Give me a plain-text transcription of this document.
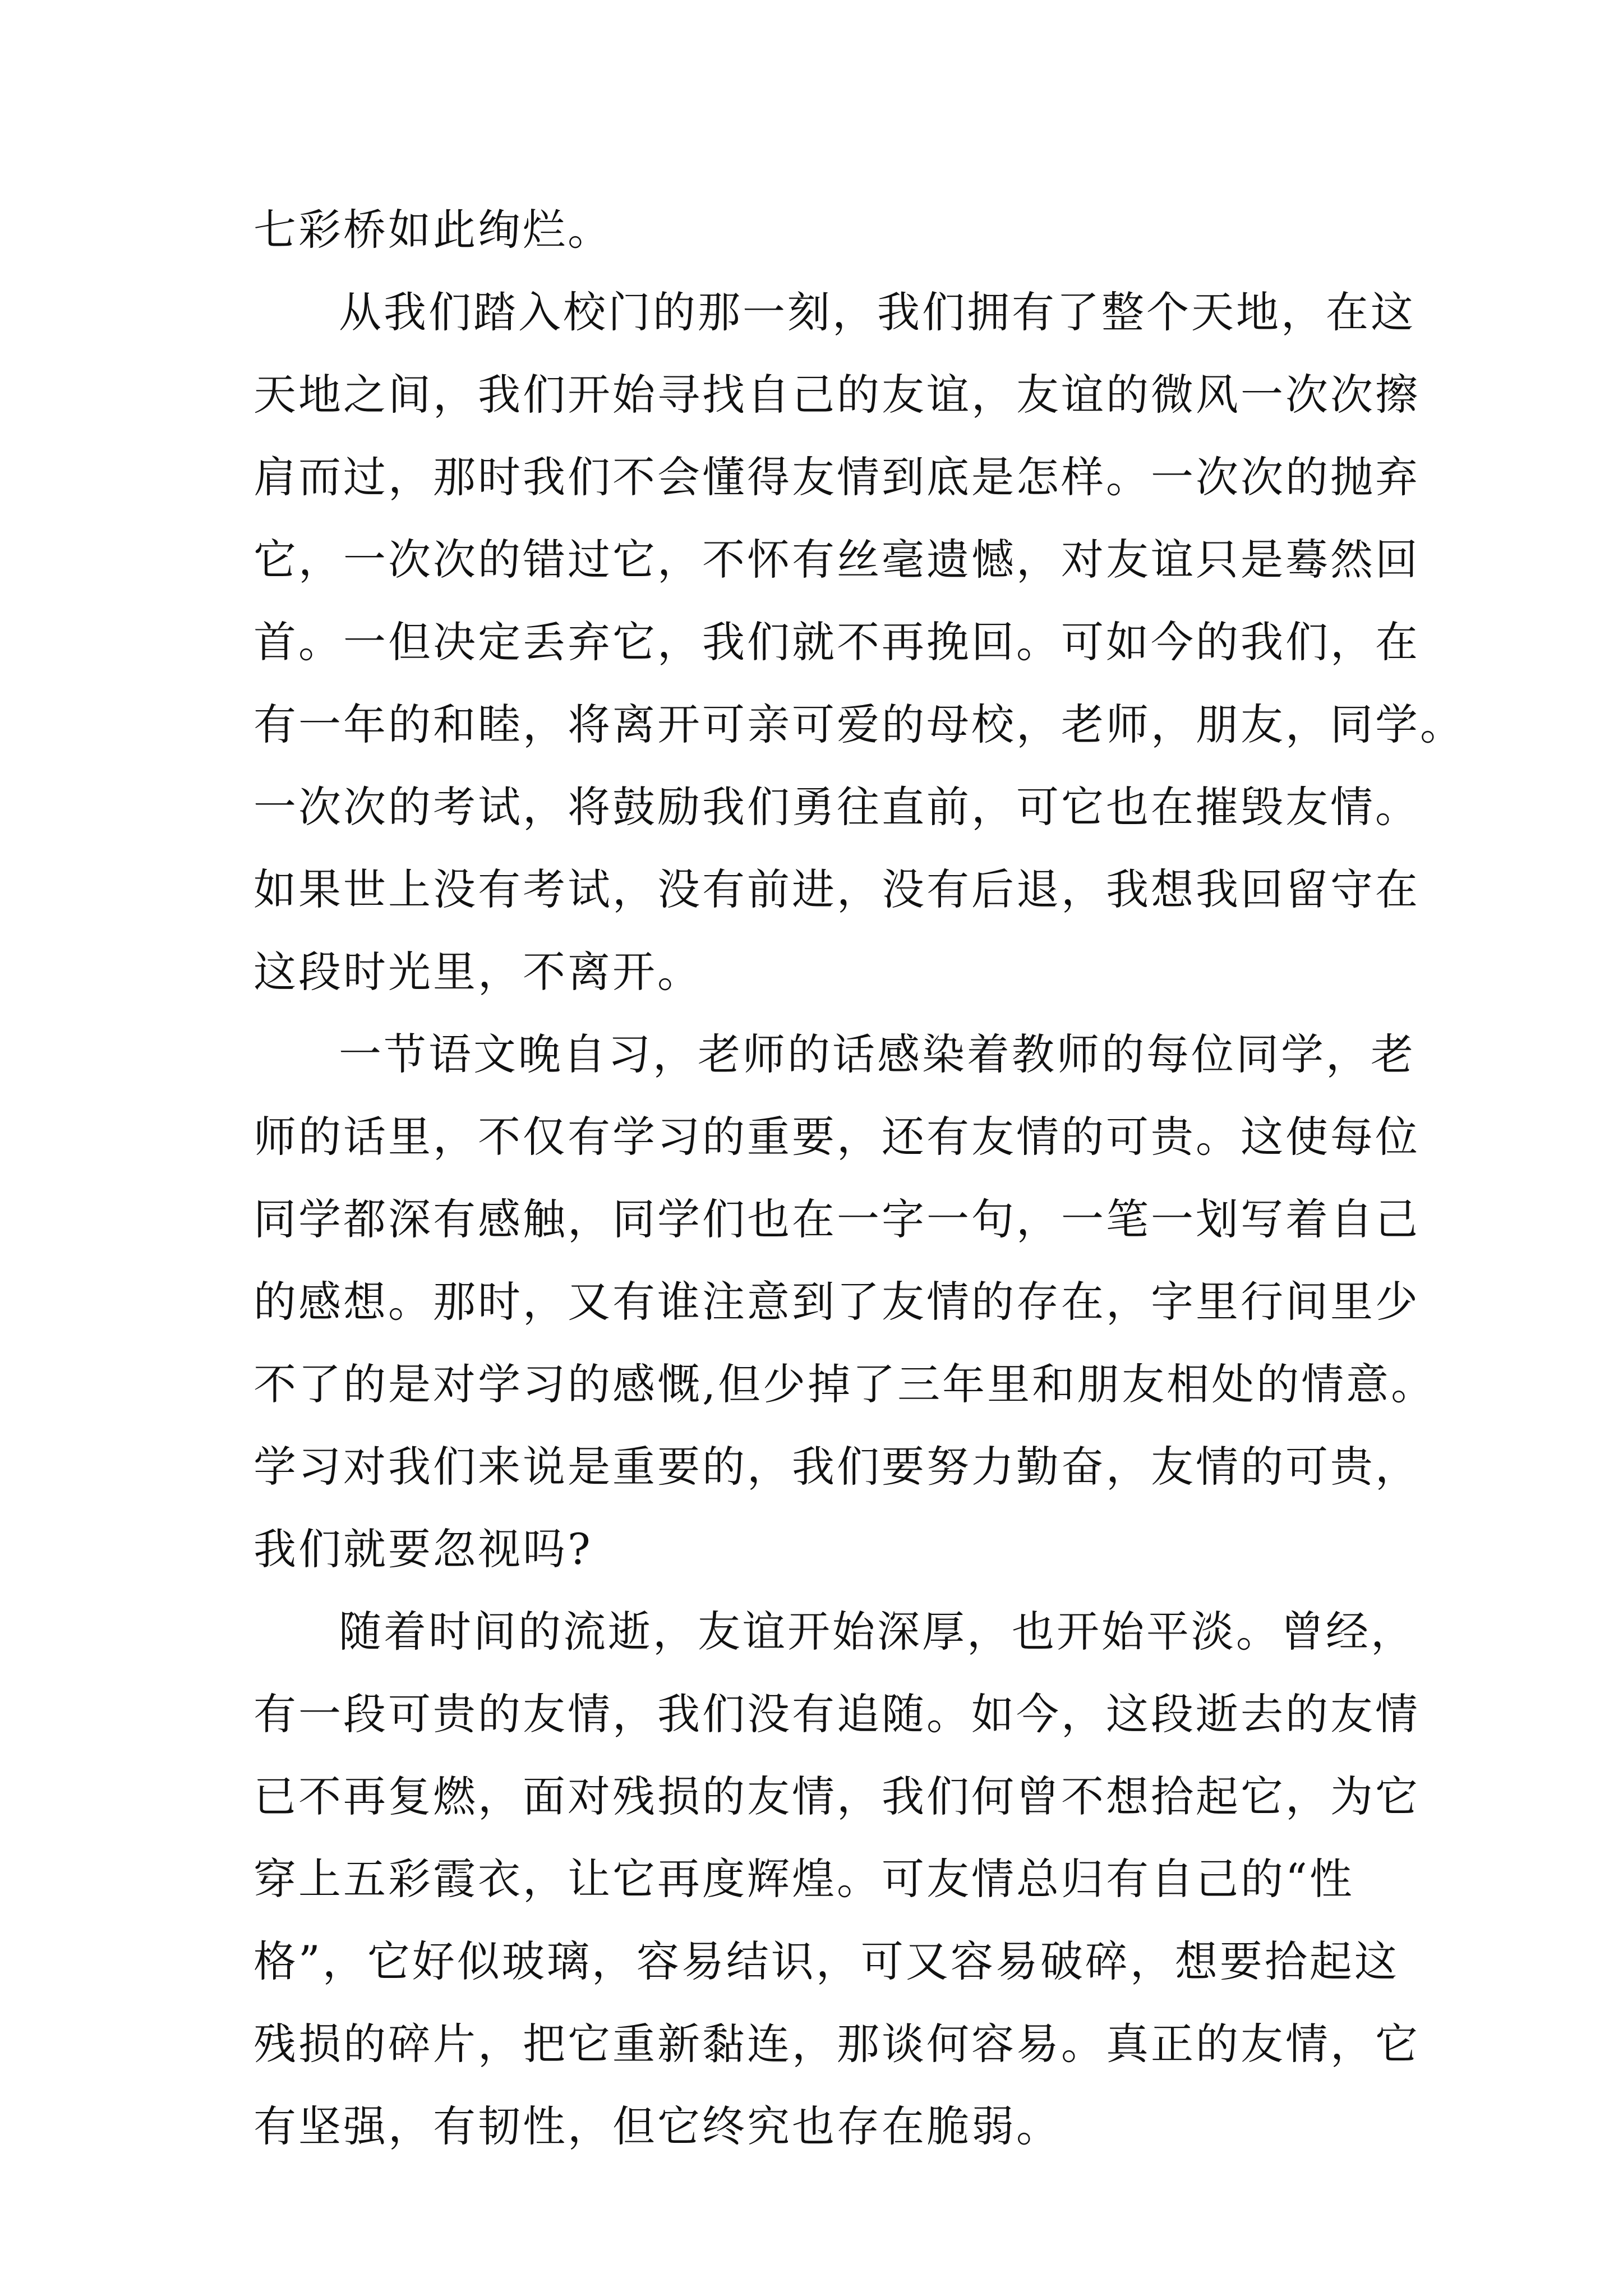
七彩桥如此绚烂。
从我们踏入校门的那一刻，我们拥有了整个天地，在这
天地之间，我们开始寻找自己的友谊，友谊的微风一次次擦
肩而过，那时我们不会懂得友情到底是怎样。一次次的抛弃
它，一次次的错过它，不怀有丝毫遗憾，对友谊只是蓦然回
首。一但决定丢弃它，我们就不再挽回。可如今的我们，在
有一年的和睦，将离开可亲可爱的母校，老师，朋友，同学。
一次次的考试，将鼓励我们勇往直前，可它也在摧毁友情。
如果世上没有考试，没有前进，没有后退，我想我回留守在
这段时光里，不离开。
一节语文晚自习，老师的话感染着教师的每位同学，老
师的话里，不仅有学习的重要，还有友情的可贵。这使每位
同学都深有感触，同学们也在一字一句，一笔一划写着自己
的感想。那时，又有谁注意到了友情的存在，字里行间里少
不了的是对学习的感慨,但少掉了三年里和朋友相处的情意。
学习对我们来说是重要的，我们要努力勤奋，友情的可贵，
我们就要忽视吗?
随着时间的流逝，友谊开始深厚，也开始平淡。曾经，
有一段可贵的友情，我们没有追随。如今，这段逝去的友情
已不再复燃，面对残损的友情，我们何曾不想拾起它，为它
穿上五彩霞衣，让它再度辉煌。可友情总归有自己的“性
格”，它好似玻璃，容易结识，可又容易破碎，想要拾起这
残损的碎片，把它重新黏连，那谈何容易。真正的友情，它
有坚强，有韧性，但它终究也存在脆弱。
